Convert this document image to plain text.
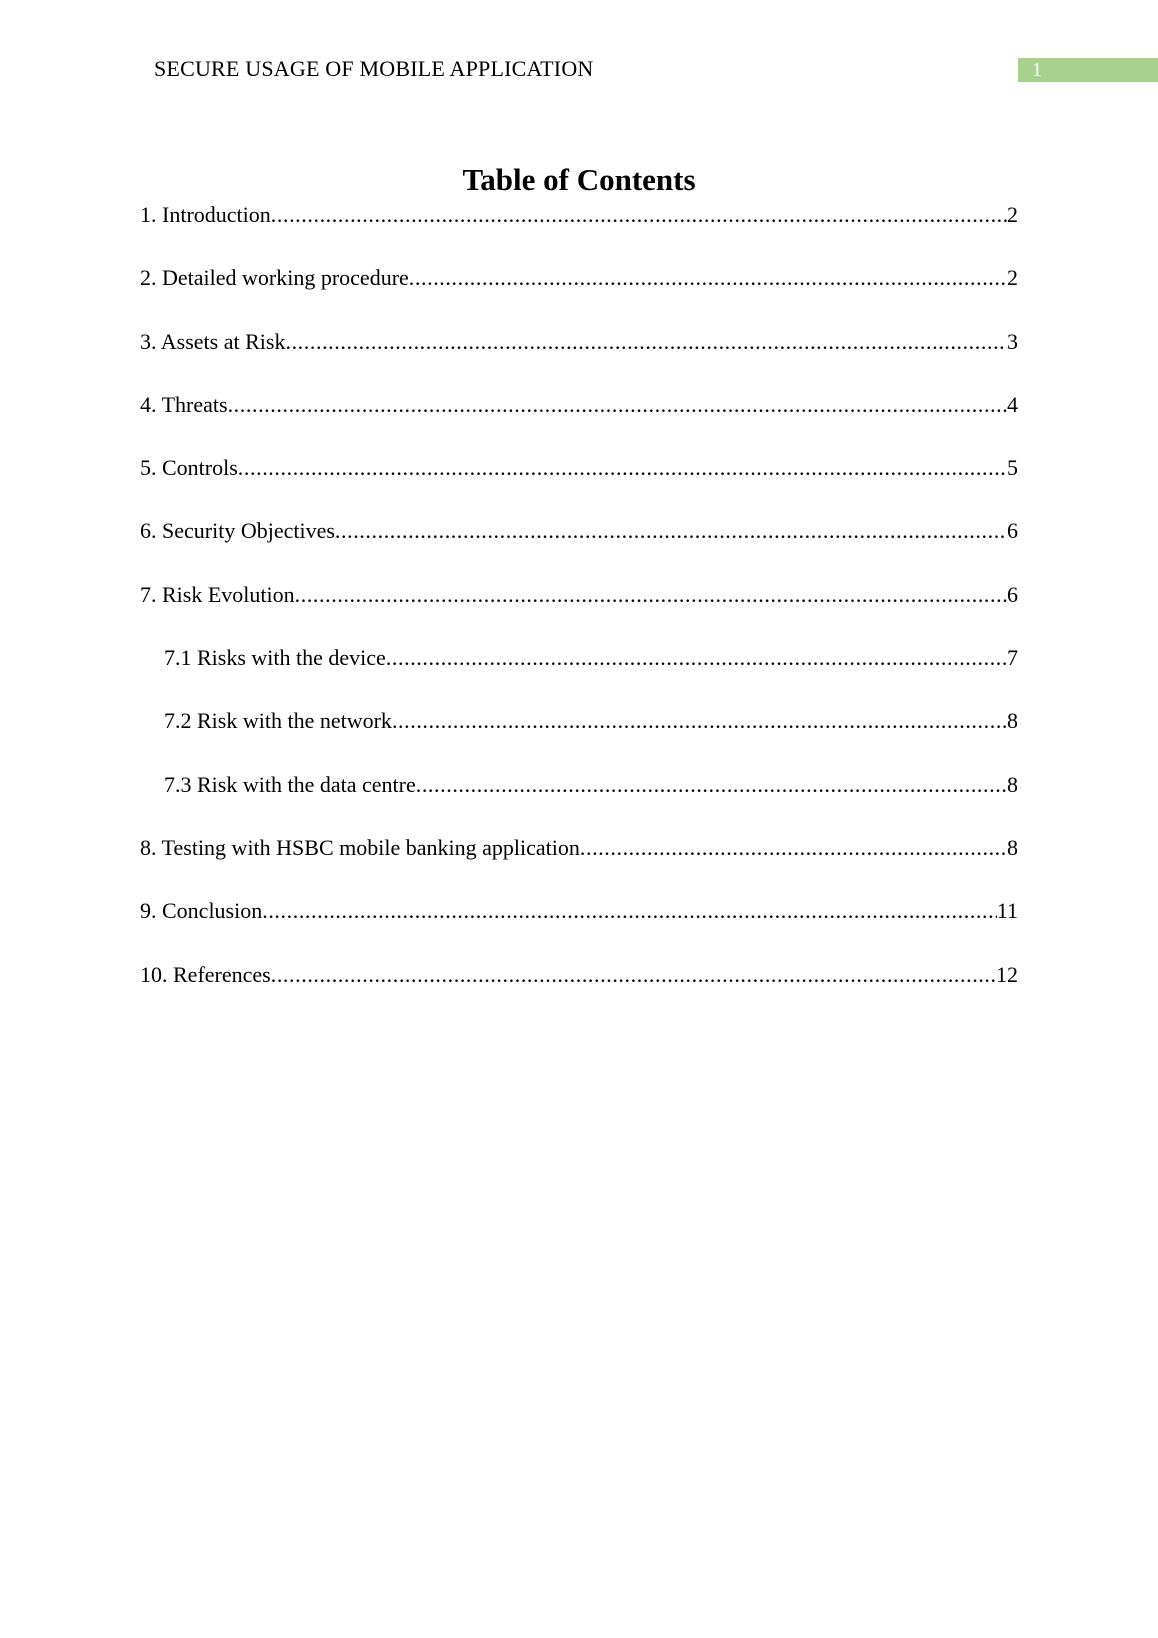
SECURE USAGE OF MOBILE APPLICATION	1
Table of Contents
1. Introduction .....	2
2. Detailed working procedure .....	2
3. Assets at Risk .....	3
4. Threats .....	4
5. Controls .....	5
6. Security Objectives .....	6
7. Risk Evolution .....	6
7.1 Risks with the device .....	7
7.2 Risk with the network .....	8
7.3 Risk with the data centre .....	8
8. Testing with HSBC mobile banking application .....	8
9. Conclusion .....	11
10. References .....	12
